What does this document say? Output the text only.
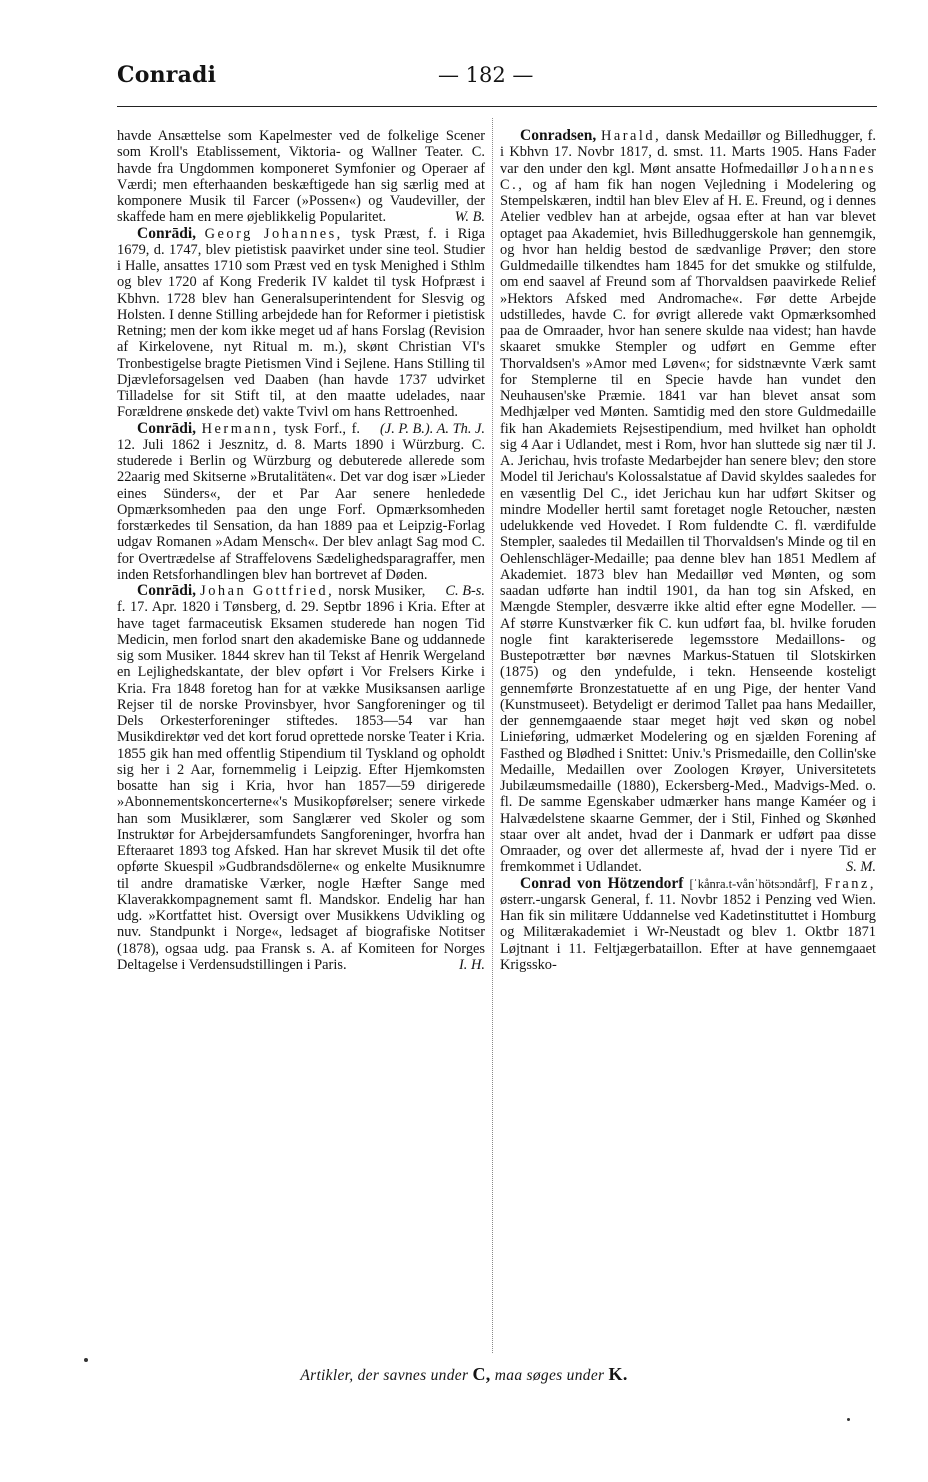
Conradi	— 182 —

havde Ansættelse som Kapelmester ved de folkelige Scener som Kroll's Etablissement, Viktoria- og Wallner Teater. C. havde fra Ungdommen komponeret Symfonier og Operaer af Værdi; men efterhaanden beskæftigede han sig særlig med at komponere Musik til Farcer (»Possen«) og Vaudeviller, der skaffede ham en mere øjeblikkelig Popularitet.	W. B.

Conrādi, Georg Johannes, tysk Præst, f. i Riga 1679, d. 1747, blev pietistisk paavirket under sine teol. Studier i Halle, ansattes 1710 som Præst ved en tysk Menighed i Sthlm og blev 1720 af Kong Frederik IV kaldet til tysk Hofpræst i Kbhvn. 1728 blev han Generalsuperintendent for Slesvig og Holsten. I denne Stilling arbejdede han for Reformer i pietistisk Retning; men der kom ikke meget ud af hans Forslag (Revision af Kirkelovene, nyt Ritual m. m.), skønt Christian VI's Tronbestigelse bragte Pietismen Vind i Sejlene. Hans Stilling til Djævleforsagelsen ved Daaben (han havde 1737 udvirket Tilladelse for sit Stift til, at den maatte udelades, naar Forældrene ønskede det) vakte Tvivl om hans Rettroenhed.
(J. P. B.). A. Th. J.

Conrādi, Hermann, tysk Forf., f. 12. Juli 1862 i Jesznitz, d. 8. Marts 1890 i Würzburg. C. studerede i Berlin og Würzburg og debuterede allerede som 22aarig med Skitserne »Brutalitäten«. Det var dog især »Lieder eines Sünders«, der et Par Aar senere henledede Opmærksomheden paa den unge Forf. Opmærksomheden forstærkedes til Sensation, da han 1889 paa et Leipzig-Forlag udgav Romanen »Adam Mensch«. Der blev anlagt Sag mod C. for Overtrædelse af Straffelovens Sædelighedsparagraffer, men inden Retsforhandlingen blev han bortrevet af Døden.
C. B-s.

Conrādi, Johan Gottfried, norsk Musiker, f. 17. Apr. 1820 i Tønsberg, d. 29. Septbr 1896 i Kria. Efter at have taget farmaceutisk Eksamen studerede han nogen Tid Medicin, men forlod snart den akademiske Bane og uddannede sig som Musiker. 1844 skrev han til Tekst af Henrik Wergeland en Lejlighedskantate, der blev opført i Vor Frelsers Kirke i Kria. Fra 1848 foretog han for at vække Musiksansen aarlige Rejser til de norske Provinsbyer, hvor Sangforeninger og til Dels Orkesterforeninger stiftedes. 1853—54 var han Musikdirektør ved det kort forud oprettede norske Teater i Kria. 1855 gik han med offentlig Stipendium til Tyskland og opholdt sig her i 2 Aar, fornemmelig i Leipzig. Efter Hjemkomsten bosatte han sig i Kria, hvor han 1857—59 dirigerede »Abonnementskoncerterne«'s Musikopførelser; senere virkede han som Musiklærer, som Sanglærer ved Skoler og som Instruktør for Arbejdersamfundets Sangforeninger, hvorfra han Efteraaret 1893 tog Afsked. Han har skrevet Musik til det ofte opførte Skuespil »Gudbrandsdölerne« og enkelte Musiknumre til andre dramatiske Værker, nogle Hæfter Sange med Klaverakkompagnement samt fl. Mandskor. Endelig har han udg. »Kortfattet hist. Oversigt over Musikkens Udvikling og nuv. Standpunkt i Norge«, ledsaget af biografiske Notitser (1878), ogsaa udg. paa Fransk s. A. af Komiteen for Norges Deltagelse i Verdensudstillingen i Paris.	I. H.

Conradsen, Harald, dansk Medaillør og Billedhugger, f. i Kbhvn 17. Novbr 1817, d. smst. 11. Marts 1905. Hans Fader var den under den kgl. Mønt ansatte Hofmedaillør Johannes C., og af ham fik han nogen Vejledning i Modelering og Stempelskæren, indtil han blev Elev af H. E. Freund, og i dennes Atelier vedblev han at arbejde, ogsaa efter at han var blevet optaget paa Akademiet, hvis Billedhuggerskole han gennemgik, og hvor han heldig bestod de sædvanlige Prøver; den store Guldmedaille tilkendtes ham 1845 for det smukke og stilfulde, om end saavel af Freund som af Thorvaldsen paavirkede Relief »Hektors Afsked med Andromache«. Før dette Arbejde udstilledes, havde C. for øvrigt allerede vakt Opmærksomhed paa de Omraader, hvor han senere skulde naa videst; han havde skaaret smukke Stempler og udført en Gemme efter Thorvaldsen's »Amor med Løven«; for sidstnævnte Værk samt for Stemplerne til en Specie havde han vundet den Neuhausen'ske Præmie. 1841 var han blevet ansat som Medhjælper ved Mønten. Samtidig med den store Guldmedaille fik han Akademiets Rejsestipendium, med hvilket han opholdt sig 4 Aar i Udlandet, mest i Rom, hvor han sluttede sig nær til J. A. Jerichau, hvis trofaste Medarbejder han senere blev; den store Model til Jerichau's Kolossalstatue af David skyldes saaledes for en væsentlig Del C., idet Jerichau kun har udført Skitser og mindre Modeller hertil samt foretaget nogle Retoucher, næsten udelukkende ved Hovedet. I Rom fuldendte C. fl. værdifulde Stempler, saaledes til Medaillen til Thorvaldsen's Minde og til en Oehlenschläger-Medaille; paa denne blev han 1851 Medlem af Akademiet. 1873 blev han Medaillør ved Mønten, og som saadan udførte han indtil 1901, da han tog sin Afsked, en Mængde Stempler, desværre ikke altid efter egne Modeller. — Af større Kunstværker fik C. kun udført faa, bl. hvilke foruden nogle fint karakteriserede legemsstore Medaillons- og Bustepotrætter bør nævnes Markus-Statuen til Slotskirken (1875) og den yndefulde, i tekn. Henseende kosteligt gennemførte Bronzestatuette af en ung Pige, der henter Vand (Kunstmuseet). Betydeligt er derimod Tallet paa hans Medailler, der gennemgaaende staar meget højt ved skøn og nobel Linieføring, udmærket Modelering og en sjælden Forening af Fasthed og Blødhed i Snittet: Univ.'s Prismedaille, den Collin'ske Medaille, Medaillen over Zoologen Krøyer, Universitetets Jubilæumsmedaille (1880), Eckersberg-Med., Madvigs-Med. o. fl. De samme Egenskaber udmærker hans mange Kaméer og i Halvædelstene skaarne Gemmer, der i Stil, Finhed og Skønhed staar over alt andet, hvad der i Danmark er udført paa disse Omraader, og over det allermeste af, hvad der i nyere Tid er fremkommet i Udlandet.	S. M.

Conrad von Hötzendorf [ˈkånra.t-vånˈhötsɔndårf], Franz, østerr.-ungarsk General, f. 11. Novbr 1852 i Penzing ved Wien. Han fik sin militære Uddannelse ved Kadetinstituttet i Homburg og Militærakademiet i Wr-Neustadt og blev 1. Oktbr 1871 Løjtnant i 11. Feltjægerbataillon. Efter at have gennemgaaet Krigssko-

Artikler, der savnes under C, maa søges under K.
